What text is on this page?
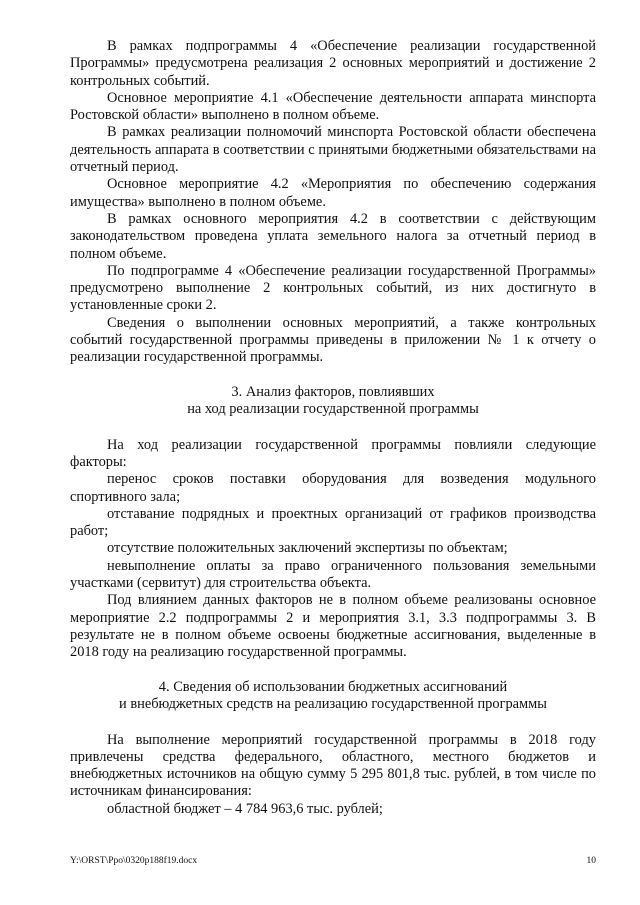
В рамках подпрограммы 4 «Обеспечение реализации государственной Программы» предусмотрена реализация 2 основных мероприятий и достижение 2 контрольных событий.

Основное мероприятие 4.1 «Обеспечение деятельности аппарата минспорта Ростовской области» выполнено в полном объеме.

В рамках реализации полномочий минспорта Ростовской области обеспечена деятельность аппарата в соответствии с принятыми бюджетными обязательствами на отчетный период.

Основное мероприятие 4.2 «Мероприятия по обеспечению содержания имущества» выполнено в полном объеме.

В рамках основного мероприятия 4.2 в соответствии с действующим законодательством проведена уплата земельного налога за отчетный период в полном объеме.

По подпрограмме 4 «Обеспечение реализации государственной Программы» предусмотрено выполнение 2 контрольных событий, из них достигнуто в установленные сроки 2.

Сведения о выполнении основных мероприятий, а также контрольных событий государственной программы приведены в приложении № 1 к отчету о реализации государственной программы.

3. Анализ факторов, повлиявших

на ход реализации государственной программы

На ход реализации государственной программы повлияли следующие факторы:

перенос сроков поставки оборудования для возведения модульного спортивного зала;

отставание подрядных и проектных организаций от графиков производства работ;

отсутствие положительных заключений экспертизы по объектам;

невыполнение оплаты за право ограниченного пользования земельными участками (сервитут) для строительства объекта.

Под влиянием данных факторов не в полном объеме реализованы основное мероприятие 2.2 подпрограммы 2 и мероприятия 3.1, 3.3 подпрограммы 3. В результате не в полном объеме освоены бюджетные ассигнования, выделенные в 2018 году на реализацию государственной программы.

4. Сведения об использовании бюджетных ассигнований

и внебюджетных средств на реализацию государственной программы

На выполнение мероприятий государственной программы в 2018 году привлечены средства федерального, областного, местного бюджетов и внебюджетных источников на общую сумму 5 295 801,8 тыс. рублей, в том числе по источникам финансирования:

областной бюджет – 4 784 963,6 тыс. рублей;

Y:\ORST\Ppo\0320p188f19.docx	10
